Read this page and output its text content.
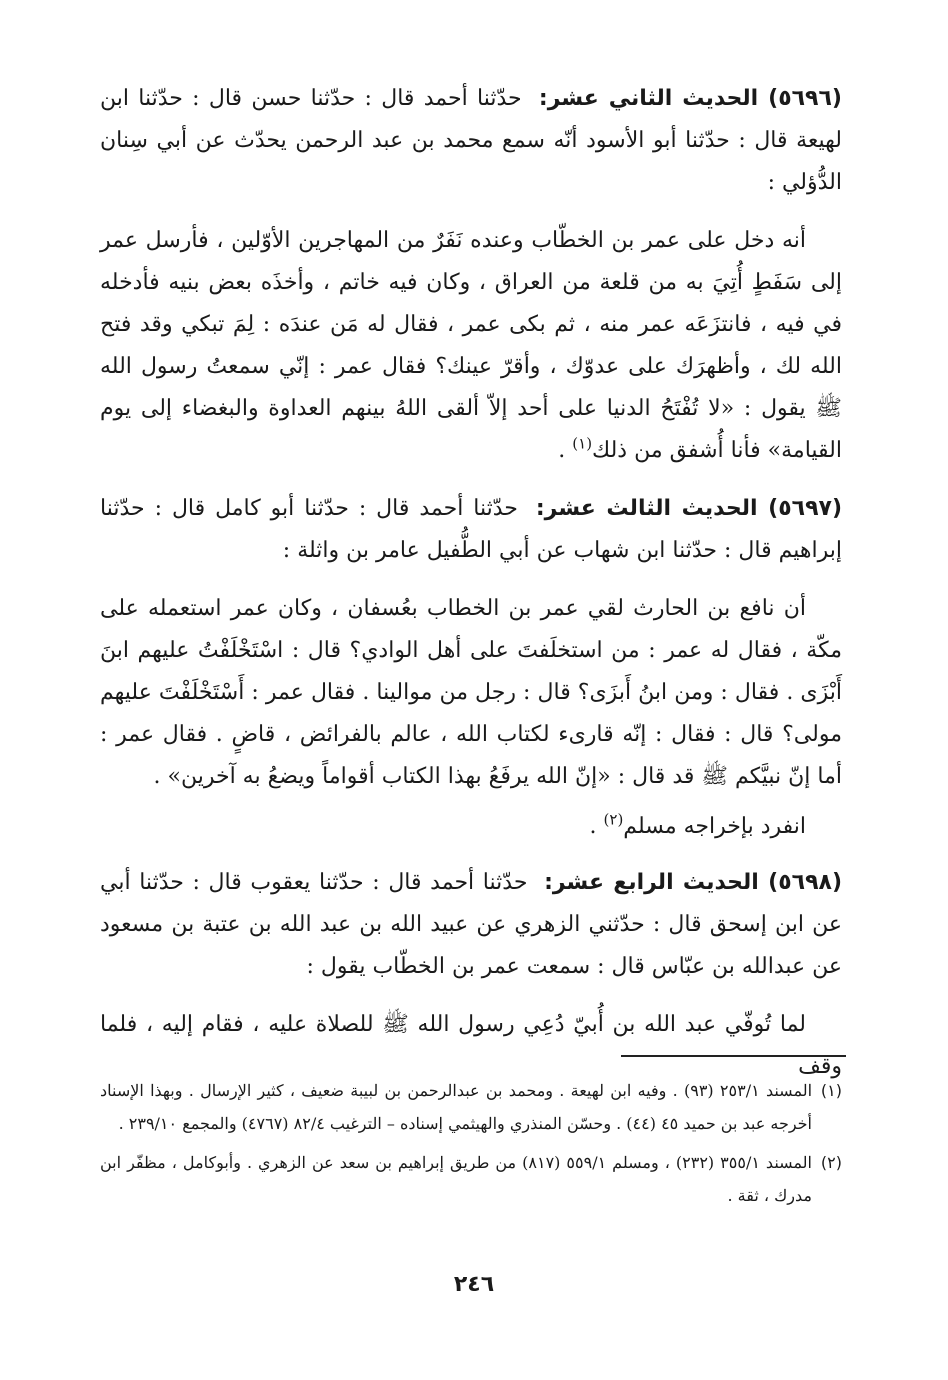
(٥٦٩٦) الحديث الثاني عشر: حدّثنا أحمد قال : حدّثنا حسن قال : حدّثنا ابن لهيعة قال : حدّثنا أبو الأسود أنّه سمع محمد بن عبد الرحمن يحدّث عن أبي سِنان الدُّؤلي :

أنه دخل على عمر بن الخطّاب وعنده نَفَرٌ من المهاجرين الأوّلين ، فأرسل عمر إلى سَفَطٍ أُتِيَ به من قلعة من العراق ، وكان فيه خاتم ، وأخذَه بعض بنيه فأدخله في فيه ، فانتزَعَه عمر منه ، ثم بكى عمر ، فقال له مَن عندَه : لِمَ تبكي وقد فتح الله لك ، وأظهرَك على عدوّك ، وأقرّ عينك؟ فقال عمر : إنّي سمعتُ رسول الله ﷺ يقول : «لا تُفْتَحُ الدنيا على أحد إلاّ ألقى اللهُ بينهم العداوة والبغضاء إلى يوم القيامة» فأنا أُشفق من ذلك$^{(١)}$ .

(٥٦٩٧) الحديث الثالث عشر: حدّثنا أحمد قال : حدّثنا أبو كامل قال : حدّثنا إبراهيم قال : حدّثنا ابن شهاب عن أبي الطُّفيل عامر بن واثلة :

أن نافع بن الحارث لقي عمر بن الخطاب بعُسفان ، وكان عمر استعمله على مكّة ، فقال له عمر : من استخلَفتَ على أهل الوادي؟ قال : اسْتَخْلَفْتُ عليهم ابنَ أَبْزَى . فقال : ومن ابنُ أَبزَى؟ قال : رجل من موالينا . فقال عمر : أَسْتَخْلَفْتَ عليهم مولى؟ قال : فقال : إنّه قارىء لكتاب الله ، عالم بالفرائض ، قاضٍ . فقال عمر : أما إنّ نبيَّكم ﷺ قد قال : «إنّ الله يرفَعُ بهذا الكتاب أقواماً ويضعُ به آخرين» .

انفرد بإخراجه مسلم$^{(٢)}$ .

(٥٦٩٨) الحديث الرابع عشر: حدّثنا أحمد قال : حدّثنا يعقوب قال : حدّثنا أبي عن ابن إسحق قال : حدّثني الزهري عن عبيد الله بن عبد الله بن عتبة بن مسعود عن عبدالله بن عبّاس قال : سمعت عمر بن الخطّاب يقول :

لما تُوفّي عبد الله بن أُبيّ دُعِي رسول الله ﷺ للصلاة عليه ، فقام إليه ، فلما وقف

(١)
المسند ٢٥٣/١ (٩٣) . وفيه ابن لهيعة . ومحمد بن عبدالرحمن بن لبيبة ضعيف ، كثير الإرسال . وبهذا الإسناد أخرجه عبد بن حميد ٤٥ (٤٤) . وحسّن المنذري والهيثمي إسناده – الترغيب ٨٢/٤ (٤٧٦٧) والمجمع ٢٣٩/١٠ .
(٢)
المسند ٣٥٥/١ (٢٣٢) ، ومسلم ٥٥٩/١ (٨١٧) من طريق إبراهيم بن سعد عن الزهري . وأبوكامل ، مظفّر ابن مدرك ، ثقة .
٢٤٦
